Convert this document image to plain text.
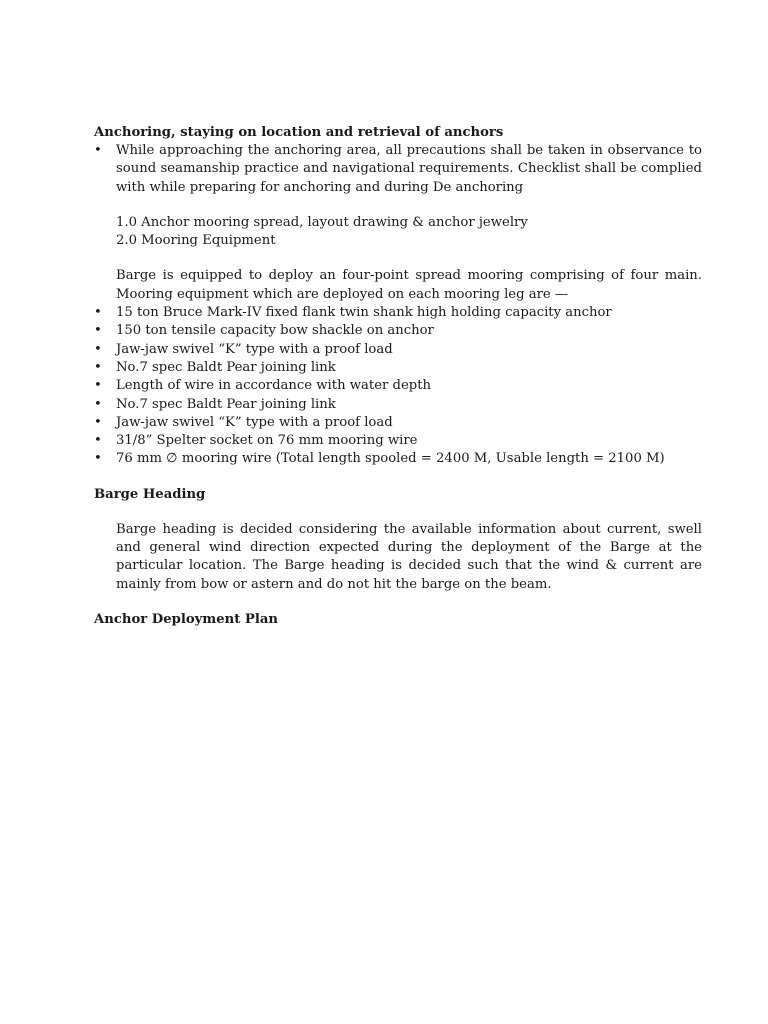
Anchoring, staying on location and retrieval of anchors
• While approaching the anchoring area, all precautions shall be taken in observance to sound seamanship practice and navigational requirements. Checklist shall be complied with while preparing for anchoring and during De anchoring
1.0 Anchor mooring spread, layout drawing & anchor jewelry
2.0 Mooring Equipment
Barge is equipped to deploy an four-point spread mooring comprising of four main. Mooring equipment which are deployed on each mooring leg are —
• 15 ton Bruce Mark-IV fixed flank twin shank high holding capacity anchor
• 150 ton tensile capacity bow shackle on anchor
• Jaw-jaw swivel “K” type with a proof load
• No.7 spec Baldt Pear joining link
• Length of wire in accordance with water depth
• No.7 spec Baldt Pear joining link
• Jaw-jaw swivel “K” type with a proof load
• 31/8” Spelter socket on 76 mm mooring wire
• 76 mm ∅ mooring wire (Total length spooled = 2400 M, Usable length = 2100 M)
Barge Heading
Barge heading is decided considering the available information about current, swell and general wind direction expected during the deployment of the Barge at the particular location. The Barge heading is decided such that the wind & current are mainly from bow or astern and do not hit the barge on the beam.
Anchor Deployment Plan
